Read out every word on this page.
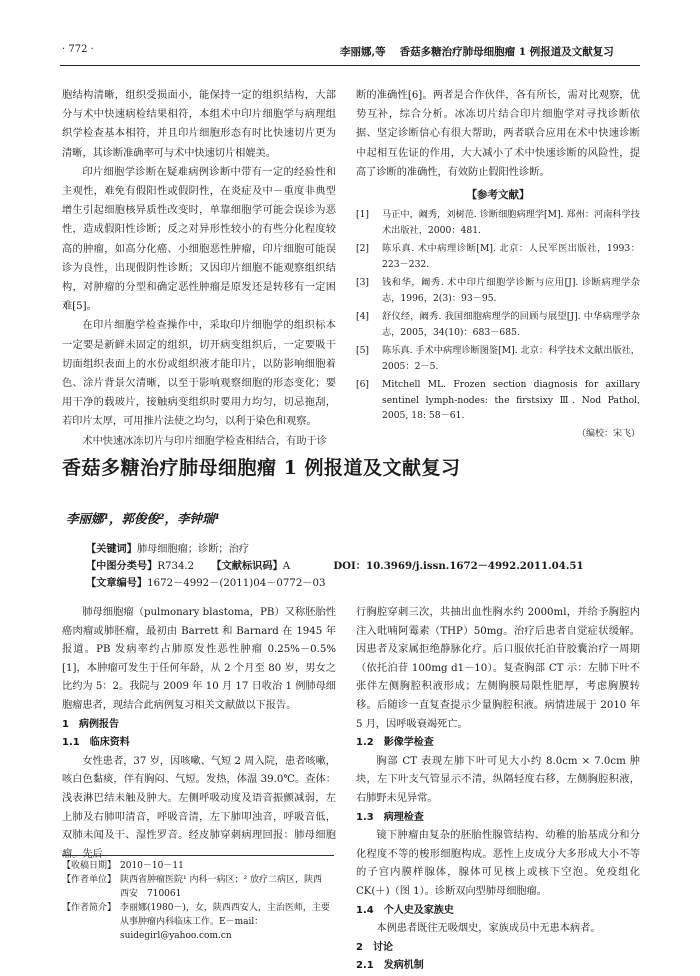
· 772 ·	李丽娜,等 香菇多糖治疗肺母细胞瘤 1 例报道及文献复习

胞结构清晰，组织受损面小，能保持一定的组织结构，大部分与术中快速病检结果相符，本组术中印片细胞学与病理组织学检查基本相符，并且印片细胞形态有时比快速切片更为清晰，其诊断准确率可与术中快速切片相媲美。

印片细胞学诊断在疑难病例诊断中带有一定的经验性和主观性，难免有假阳性或假阴性，在炎症及中－重度非典型增生引起细胞核异质性改变时，单靠细胞学可能会误诊为恶性，造成假阳性诊断；反之对异形性较小的有些分化程度较高的肿瘤，如高分化癌、小细胞恶性肿瘤，印片细胞可能误诊为良性，出现假阴性诊断；又因印片细胞不能观察组织结构，对肿瘤的分型和确定恶性肿瘤是原发还是转移有一定困难[5]。

在印片细胞学检查操作中，采取印片细胞学的组织标本一定要是新鲜未固定的组织，切开病变组织后，一定要吸干切面组织表面上的水份或组织液才能印片，以防影响细胞着色、涂片背景欠清晰，以至于影响观察细胞的形态变化；要用干净的载玻片，接触病变组织时要用力均匀，切忌拖刮，若印片太厚，可用推片法使之均匀，以利于染色和观察。

术中快速冰冻切片与印片细胞学检查相结合，有助于诊

断的准确性[6]。两者是合作伙伴，各有所长，需对比观察，优势互补，综合分析。冰冻切片结合印片细胞学对寻找诊断依据、坚定诊断信心有很大帮助，两者联合应用在术中快速诊断中起相互佐证的作用，大大减小了术中快速诊断的风险性，提高了诊断的准确性，有效防止假阳性诊断。

【参考文献】
[1]	马正中，阚秀，刘树范. 诊断细胞病理学[M]. 郑州：河南科学技术出版社，2000：481.
[2]	陈乐真. 术中病理诊断[M]. 北京：人民军医出版社，1993：223－232.
[3]	钱和华，阚秀. 术中印片细胞学诊断与应用[J]. 诊断病理学杂志，1996，2(3)：93－95.
[4]	舒仪经，阚秀. 我国细胞病理学的回顾与展望[J]. 中华病理学杂志，2005，34(10)：683－685.
[5]	陈乐真. 手术中病理诊断图鉴[M]. 北京：科学技术文献出版社，2005：2－5.
[6]	Mitchell ML. Frozen section diagnosis for axillary sentinel lymph-nodes: the firstsixy Ⅲ. Nod Pathol, 2005, 18: 58－61.
（编校：宋飞）
香菇多糖治疗肺母细胞瘤 1 例报道及文献复习
李丽娜¹，郭俊俊²，李钟瑞¹
【关键词】肺母细胞瘤；诊断；治疗
【中图分类号】R734.2 【文献标识码】A	DOI：10.3969/j.issn.1672－4992.2011.04.51
【文章编号】1672－4992－(2011)04－0772－03

肺母细胞瘤（pulmonary blastoma，PB）又称胚胎性癌肉瘤或肺胚瘤，最初由 Barrett 和 Barnard 在 1945 年报道。PB 发病率约占肺原发性恶性肿瘤 0.25%－0.5%[1]，本肿瘤可发生于任何年龄，从 2 个月至 80 岁，男女之比约为 5：2。我院与 2009 年 10 月 17 日收治 1 例肺母细胞瘤患者，现结合此病例复习相关文献做以下报告。

1　病例报告

1.1　临床资料

女性患者，37 岁，因咳嗽、气短 2 周入院，患者咳嗽，咳白色黏痰，伴有胸闷、气短。发热，体温 39.0℃。查体：浅表淋巴结未触及肿大。左侧呼吸动度及语音振颤减弱，左上肺及右肺叩清音，呼吸音清，左下肺叩浊音，呼吸音低，双肺未闻及干、湿性罗音。经皮肺穿刺病理回报：肺母细胞瘤。先后

【收稿日期】 2010－10－11
【作者单位】 陕西省肿瘤医院¹ 内科一病区；² 放疗二病区，陕西　西安　710061
【作者简介】 李丽娜(1980－)，女，陕西西安人，主治医师，主要从事肿瘤内科临床工作。E－mail：suidegirl@yahoo.com.cn

行胸腔穿刺三次，共抽出血性胸水约 2000ml，并给予胸腔内注入吡喃阿霉素（THP）50mg。治疗后患者自觉症状缓解。因患者及家属拒绝静脉化疗。后口服依托泊苷胶囊治疗一周期（依托泊苷 100mg d1－10）。复查胸部 CT 示：左肺下叶不张伴左侧胸腔积液形成；左侧胸膜局限性肥厚，考虑胸膜转移。后随诊一直复查提示少量胸腔积液。病情进展于 2010 年 5 月，因呼吸衰竭死亡。

1.2　影像学检查

胸部 CT 表现左肺下叶可见大小约 8.0cm × 7.0cm 肿块，左下叶支气管显示不清，纵隔轻度右移，左侧胸腔积液，右肺野未见异常。

1.3　病理检查

镜下肿瘤由复杂的胚胎性腺管结构、幼稚的胎基成分和分化程度不等的梭形细胞构成。恶性上皮成分大多形成大小不等的子宫内膜样腺体，腺体可见核上或核下空泡。免疫组化 CK(＋)（图 1）。诊断双向型肺母细胞瘤。

1.4　个人史及家族史

本例患者既往无吸烟史，家族成员中无患本病者。

2　讨论

2.1　发病机制
